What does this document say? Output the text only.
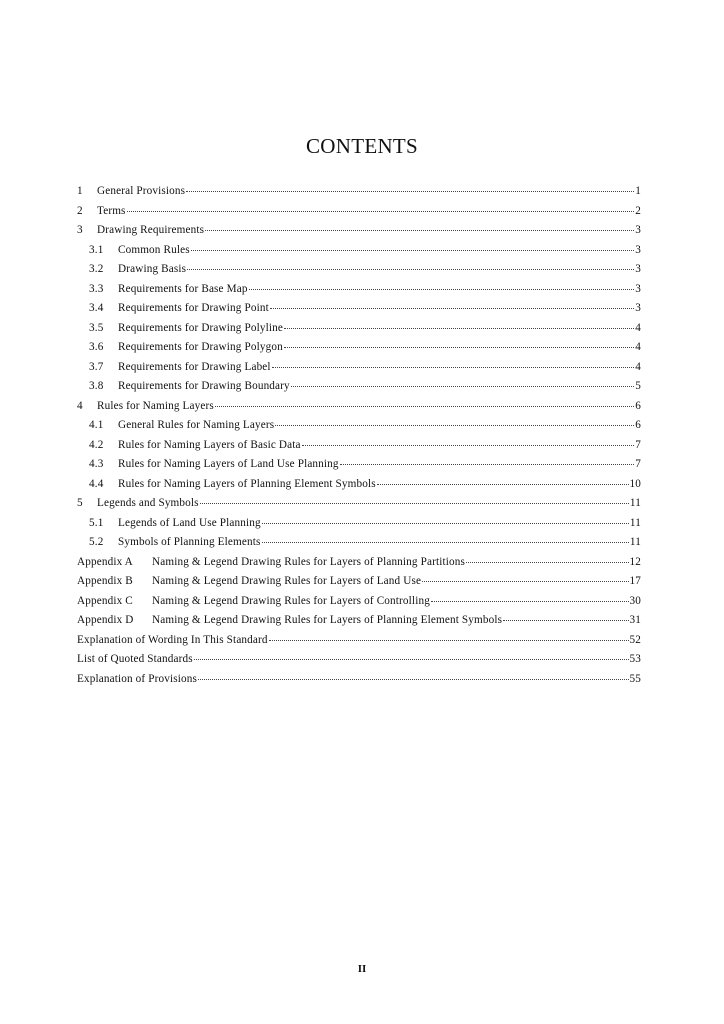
CONTENTS
1	General Provisions	1
2	Terms	2
3	Drawing Requirements	3
3.1	Common Rules	3
3.2	Drawing Basis	3
3.3	Requirements for Base Map	3
3.4	Requirements for Drawing Point	3
3.5	Requirements for Drawing Polyline	4
3.6	Requirements for Drawing Polygon	4
3.7	Requirements for Drawing Label	4
3.8	Requirements for Drawing Boundary	5
4	Rules for Naming Layers	6
4.1	General Rules for Naming Layers	6
4.2	Rules for Naming Layers of Basic Data	7
4.3	Rules for Naming Layers of Land Use Planning	7
4.4	Rules for Naming Layers of Planning Element Symbols	10
5	Legends and Symbols	11
5.1	Legends of Land Use Planning	11
5.2	Symbols of Planning Elements	11
Appendix A	Naming & Legend Drawing Rules for Layers of Planning Partitions	12
Appendix B	Naming & Legend Drawing Rules for Layers of Land Use	17
Appendix C	Naming & Legend Drawing Rules for Layers of Controlling	30
Appendix D	Naming & Legend Drawing Rules for Layers of Planning Element Symbols	31
Explanation of Wording In This Standard	52
List of Quoted Standards	53
Explanation of Provisions	55
II
